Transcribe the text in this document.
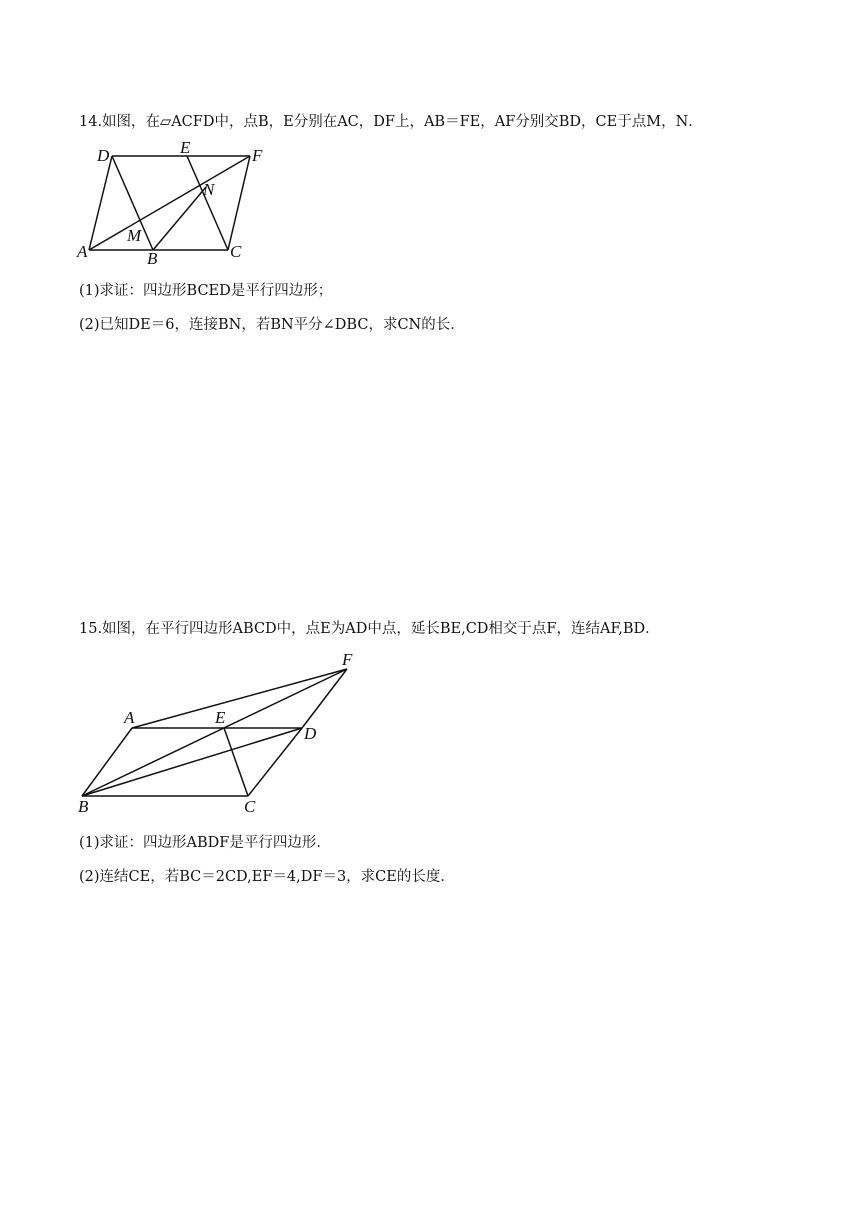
14.如图，在▱ACFD中，点B，E分别在AC，DF上，AB＝FE，AF分别交BD，CE于点M，N．
D	E	F
N
M
A	B	C
(1)求证：四边形BCED是平行四边形；
(2)已知DE＝6，连接BN，若BN平分∠DBC，求CN的长．
15.如图，在平行四边形ABCD中，点E为AD中点，延长BE,CD相交于点F，连结AF,BD．
F
A	E
D
B	C
(1)求证：四边形ABDF是平行四边形．
(2)连结CE，若BC＝2CD,EF＝4,DF＝3，求CE的长度．
